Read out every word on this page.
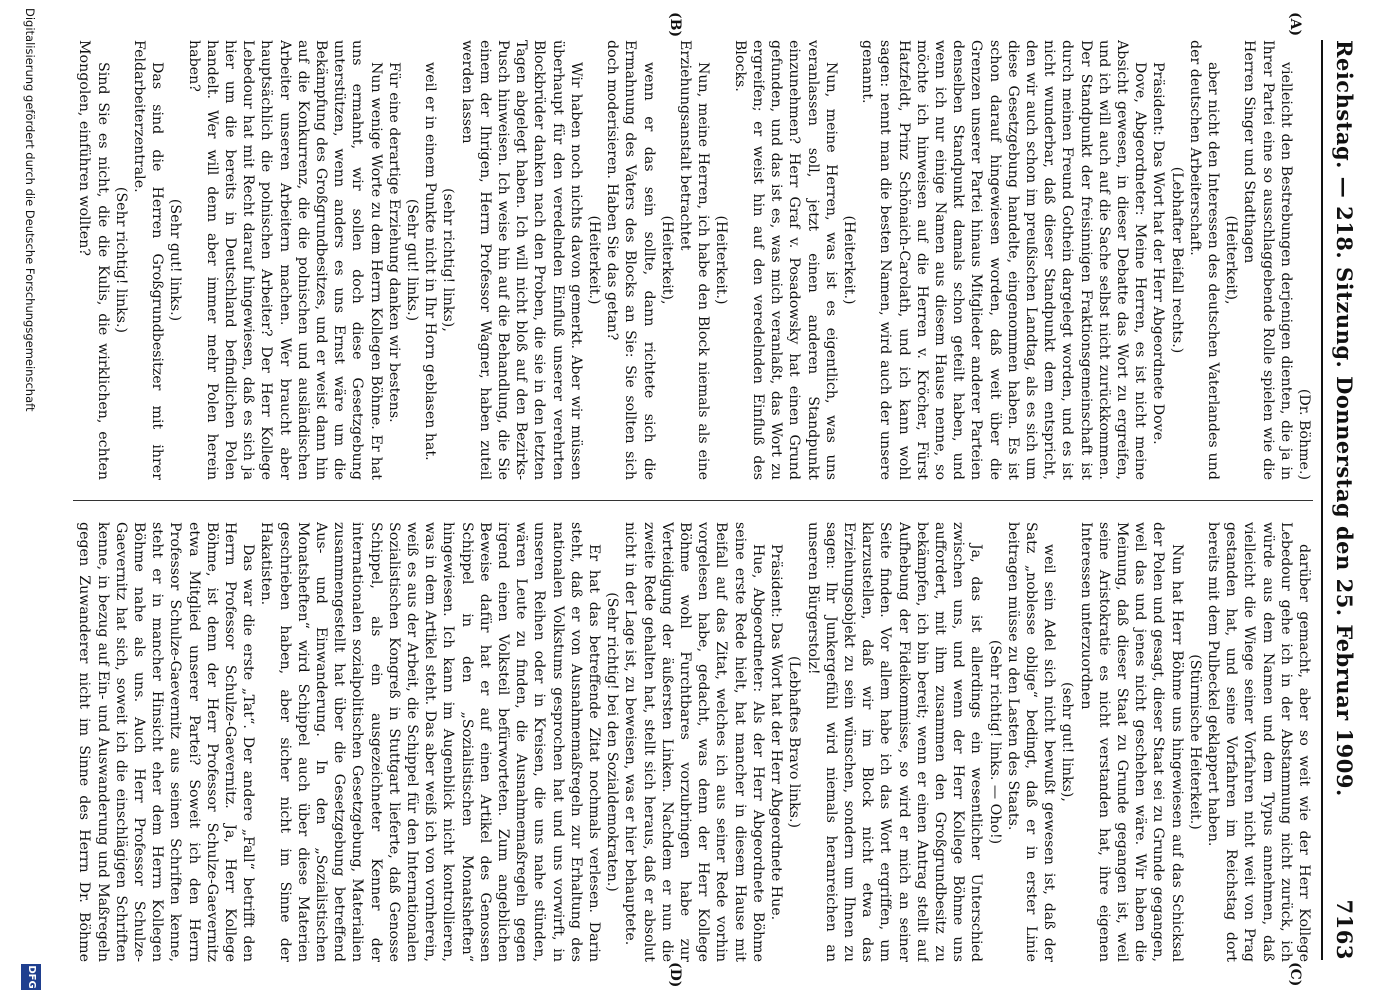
Reichstag. — 218. Sitzung. Donnerstag den 25. Februar 1909.
7163
(A)
(B)
(C)
(D)

(Dr. Böhme.)

vielleicht den Bestrebungen derjenigen dienten, die ja in Ihrer Partei eine so ausschlaggebende Rolle spielen wie die Herren Singer und Stadthagen

(Heiterkeit),

aber nicht den Interessen des deutschen Vaterlandes und der deutschen Arbeiterschaft.

(Lebhafter Beifall rechts.)

Präsident: Das Wort hat der Herr Abgeordnete Dove.

Dove, Abgeordneter: Meine Herren, es ist nicht meine Absicht gewesen, in dieser Debatte das Wort zu ergreifen, und ich will auch auf die Sache selbst nicht zurückkommen. Der Standpunkt der freisinnigen Fraktionsgemeinschaft ist durch meinen Freund Gothein dargelegt worden, und es ist nicht wunderbar, daß dieser Standpunkt dem entspricht, den wir auch schon im preußischen Landtag, als es sich um diese Gesetzgebung handelte, eingenommen haben. Es ist schon darauf hingewiesen worden, daß weit über die Grenzen unserer Partei hinaus Mitglieder anderer Parteien denselben Standpunkt damals schon geteilt haben, und wenn ich nur einige Namen aus diesem Hause nenne, so möchte ich hinweisen auf die Herren v. Kröcher, Fürst Hatzfeldt, Prinz Schönaich-Carolath, und ich kann wohl sagen: nennt man die besten Namen, wird auch der unsere genannt.

(Heiterkeit.)

Nun, meine Herren, was ist es eigentlich, was uns veranlassen soll, jetzt einen anderen Standpunkt einzunehmen? Herr Graf v. Posadowsky hat einen Grund gefunden, und das ist es, was mich veranlaßt, das Wort zu ergreifen; er weist hin auf den veredelnden Einfluß des Blocks.

(Heiterkeit.)

Nun, meine Herren, ich habe den Block niemals als eine Erziehungsanstalt betrachtet

(Heiterkeit),

wenn er das sein sollte, dann richtete sich die Ermahnung des Vaters des Blocks an Sie: Sie sollten sich doch moderisieren. Haben Sie das getan?

(Heiterkeit.)

Wir haben noch nichts davon gemerkt. Aber wir müssen überhaupt für den veredelnden Einfluß unserer verehrten Blockbrüder danken nach den Proben, die sie in den letzten Tagen abgelegt haben. Ich will nicht bloß auf den Bezirks-Pusch hinweisen. Ich weise hin auf die Behandlung, die Sie einem der Ihrigen, Herrn Professor Wagner, haben zuteil werden lassen

(sehr richtig! links),

weil er in einem Punkte nicht in Ihr Horn geblasen hat.

(Sehr gut! links.)

Für eine derartige Erziehung danken wir bestens.

Nun wenige Worte zu dem Herrn Kollegen Böhme. Er hat uns ermahnt, wir sollen doch diese Gesetzgebung unterstützen, wenn anders es uns Ernst wäre um die Bekämpfung des Großgrundbesitzes, und er weist dann hin auf die Konkurrenz, die die polnischen und ausländischen Arbeiter unseren Arbeitern machen. Wer braucht aber hauptsächlich die polnischen Arbeiter? Der Herr Kollege Lebedour hat mit Recht darauf hingewiesen, daß es sich ja hier um die bereits in Deutschland befindlichen Polen handelt. Wer will denn aber immer mehr Polen herein haben?

(Sehr gut! links.)

Das sind die Herren Großgrundbesitzer mit ihrer Feldarbeiterzentrale.

(Sehr richtig! links.)

Sind Sie es nicht, die die Kulis, die wirklichen, echten Mongolen, einführen wollten?

darüber gemacht, aber so weit wie der Herr Kollege Lebedour gehe ich in der Abstammung nicht zurück, ich würde aus dem Namen und dem Typus annehmen, daß vielleicht die Wiege seiner Vorfahren nicht weit von Prag gestanden hat, und seine Vorfahren im Reichstag dort bereits mit dem Pulbeckel geklappert haben.

(Stürmische Heiterkeit.)

Nun hat Herr Böhme uns hingewiesen auf das Schicksal der Polen und gesagt, dieser Staat sei zu Grunde gegangen, weil das und jenes nicht geschehen wäre. Wir haben die Meinung, daß dieser Staat zu Grunde gegangen ist, weil seine Aristokratie es nicht verstanden hat, ihre eigenen Interessen unterzuordnen

(sehr gut! links),

weil sein Adel sich nicht bewußt gewesen ist, daß der Satz „noblesse oblige“ bedingt, daß er in erster Linie beitragen müsse zu den Lasten des Staats.

(Sehr richtig! links. — Oho!)

Ja, das ist allerdings ein wesentlicher Unterschied zwischen uns, und wenn der Herr Kollege Böhme uns auffordert, mit ihm zusammen den Großgrundbesitz zu bekämpfen, ich bin bereit; wenn er einen Antrag stellt auf Aufhebung der Fideikommisse, so wird er mich an seiner Seite finden. Vor allem habe ich das Wort ergriffen, um klarzustellen, daß wir im Block nicht etwa das Erziehungsobjekt zu sein wünschen, sondern um Ihnen zu sagen: Ihr Junkergefühl wird niemals heranreichen an unseren Bürgerstolz!

(Lebhaftes Bravo links.)

Präsident: Das Wort hat der Herr Abgeordnete Hue.

Hue, Abgeordneter: Als der Herr Abgeordnete Böhme seine erste Rede hielt, hat mancher in diesem Hause mit Beifall auf das Zitat, welches ich aus seiner Rede vorhin vorgelesen habe, gedacht, was denn der Herr Kollege Böhme wohl Furchtbares vorzubringen habe zur Verteidigung der äußersten Linken. Nachdem er nun die zweite Rede gehalten hat, stellt sich heraus, daß er absolut nicht in der Lage ist, zu beweisen, was er hier behauptete.

(Sehr richtig! bei den Sozialdemokraten.)

Er hat das betreffende Zitat nochmals verlesen. Darin steht, daß er von Ausnahmemaßregeln zur Erhaltung des nationalen Volkstums gesprochen hat und uns vorwirft, in unseren Reihen oder in Kreisen, die uns nahe stünden, wären Leute zu finden, die Ausnahmemaßregeln gegen irgend einen Volksteil befürworteten. Zum angeblichen Beweise dafür hat er auf einen Artikel des Genossen Schippel in den „Sozialistischen Monatsheften“ hingewiesen. Ich kann im Augenblick nicht kontrollieren, was in dem Artikel steht. Das aber weiß ich von vornherein, weiß es aus der Arbeit, die Schippel für den Internationalen Sozialistischen Kongreß in Stuttgart lieferte, daß Genosse Schippel, als ein ausgezeichneter Kenner der internationalen sozialpolitischen Gesetzgebung, Materialien zusammengestellt hat über die Gesetzgebung betreffend Aus- und Einwanderung. In den „Sozialistischen Monatsheften“ wird Schippel auch über diese Materien geschrieben haben, aber sicher nicht im Sinne der Hakatisten.

Das war die erste „Tat“. Der andere „Fall“ betrifft den Herrn Professor Schulze-Gaevernitz. Ja, Herr Kollege Böhme, ist denn der Herr Professor Schulze-Gaevernitz etwa Mitglied unserer Partei? Soweit ich den Herrn Professor Schulze-Gaevernitz aus seinen Schriften kenne, steht er in mancher Hinsicht eher dem Herrn Kollegen Böhme nahe als uns. Auch Herr Professor Schulze-Gaevernitz hat sich, soweit ich die einschlägigen Schriften kenne, in bezug auf Ein- und Auswanderung und Maßregeln gegen Zuwanderer nicht im Sinne des Herrn Dr. Böhme

Digitalisierung gefördert durch die Deutsche Forschungsgemeinschaft
DFG
